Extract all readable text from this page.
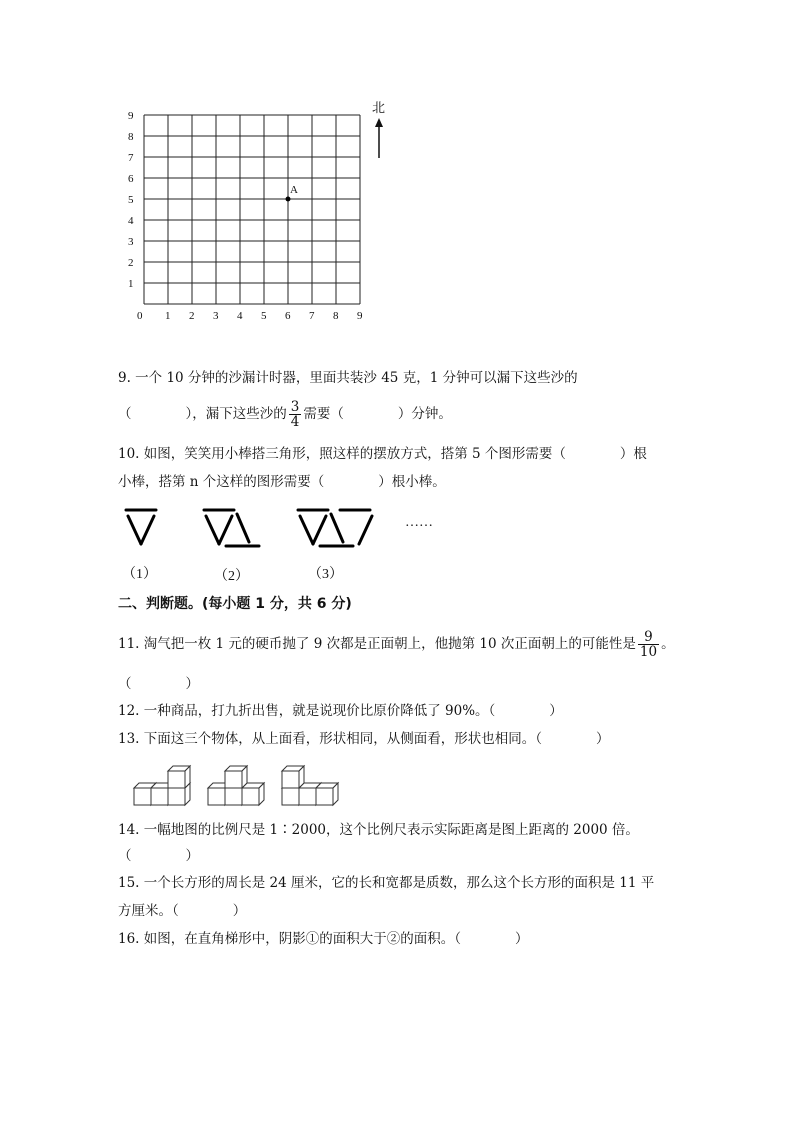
1
2
3
4
5
6
7
8
9
0 1 2 3 4 5 6 7 8 9
A
北
9. 一个 10 分钟的沙漏计时器，里面共装沙 45 克，1 分钟可以漏下这些沙的
（　　　　），漏下这些沙的 $\frac{3}{4}$ 需要（　　　　）分钟。
10. 如图，笑笑用小棒搭三角形，照这样的摆放方式，搭第 5 个图形需要（　　　　）根
小棒，搭第 n 个这样的图形需要（　　　　）根小棒。
……
（1）	（2）	（3）
二、判断题。(每小题 1 分，共 6 分)
11. 淘气把一枚 1 元的硬币抛了 9 次都是正面朝上，他抛第 10 次正面朝上的可能性是 $\frac{9}{10}$ 。
（　　　　）
12. 一种商品，打九折出售，就是说现价比原价降低了 90%。（　　　　）
13. 下面这三个物体，从上面看，形状相同，从侧面看，形状也相同。（　　　　）
14. 一幅地图的比例尺是 1∶2000，这个比例尺表示实际距离是图上距离的 2000 倍。
（　　　　）
15. 一个长方形的周长是 24 厘米，它的长和宽都是质数，那么这个长方形的面积是 11 平
方厘米。（　　　　）
16. 如图，在直角梯形中，阴影①的面积大于②的面积。（　　　　）
